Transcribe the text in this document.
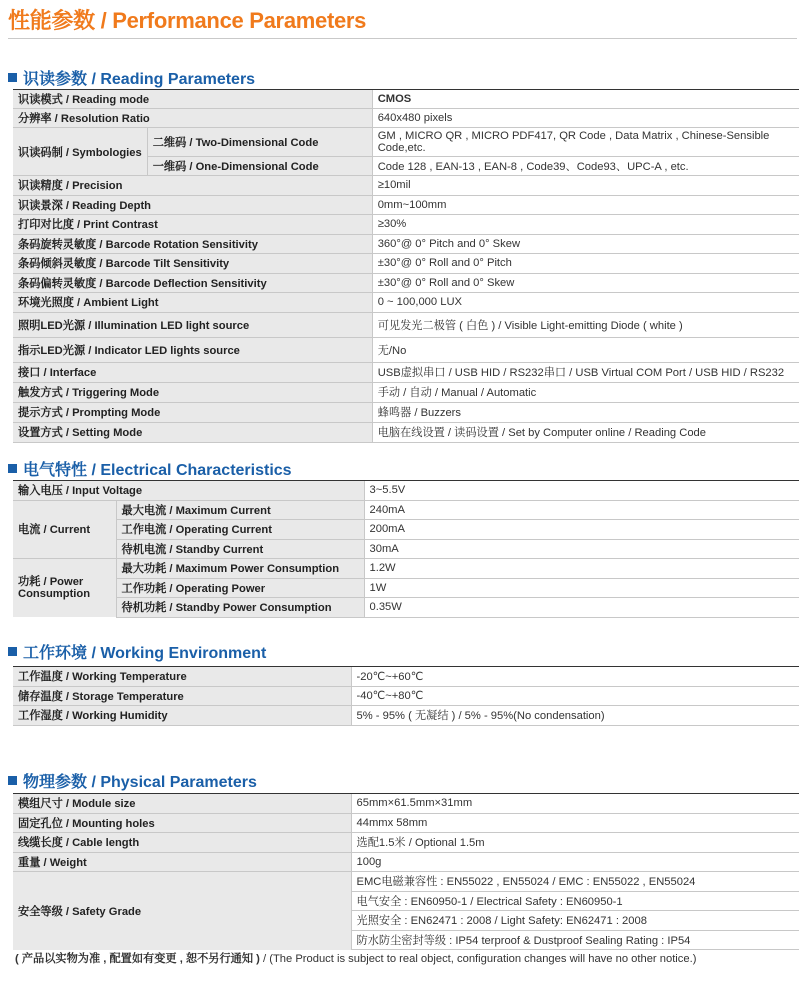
性能参数 / Performance Parameters
识读参数 / Reading Parameters
识读模式 / Reading mode		CMOS
分辨率 / Resolution Ratio		640x480 pixels
识读码制 / Symbologies	二维码 / Two-Dimensional Code	GM , MICRO QR , MICRO PDF417, QR Code , Data Matrix , Chinese-Sensible Code,etc.
	一维码 / One-Dimensional Code	Code 128 , EAN-13 , EAN-8 , Code39、Code93、UPC-A , etc.
识读精度 / Precision		≥10mil
识读景深 / Reading Depth		0mm~100mm
打印对比度 / Print Contrast		≥30%
条码旋转灵敏度 / Barcode Rotation Sensitivity		360°@ 0° Pitch and 0° Skew
条码倾斜灵敏度 / Barcode Tilt Sensitivity		±30°@ 0° Roll and 0° Pitch
条码偏转灵敏度 / Barcode Deflection Sensitivity		±30°@ 0° Roll and 0° Skew
环境光照度 / Ambient Light		0 ~ 100,000 LUX
照明LED光源 / Illumination LED light source		可见发光二极管 ( 白色 ) / Visible Light-emitting Diode ( white )
指示LED光源 / Indicator LED lights source		无/No
接口 / Interface		USB虚拟串口 / USB HID / RS232串口 / USB Virtual COM Port / USB HID / RS232
触发方式 / Triggering Mode		手动 / 自动 / Manual / Automatic
提示方式 / Prompting Mode		蜂鸣器 / Buzzers
设置方式 / Setting Mode		电脑在线设置 / 读码设置 / Set by Computer online / Reading Code
电气特性 / Electrical Characteristics
输入电压 / Input Voltage		3~5.5V
电流 / Current	最大电流 / Maximum Current	240mA
	工作电流 / Operating Current	200mA
	待机电流 / Standby Current	30mA
功耗 / Power Consumption	最大功耗 / Maximum Power Consumption	1.2W
	工作功耗 / Operating Power	1W
	待机功耗 / Standby Power Consumption	0.35W
工作环境 / Working Environment
工作温度 / Working Temperature	-20℃~+60℃
储存温度 / Storage Temperature	-40℃~+80℃
工作湿度 / Working Humidity	5% - 95% ( 无凝结 ) / 5% - 95%(No condensation)
物理参数 / Physical Parameters
模组尺寸 / Module size	65mm×61.5mm×31mm
固定孔位 / Mounting holes	44mmx 58mm
线缆长度 / Cable length	选配1.5米 / Optional 1.5m
重量 / Weight	100g
安全等级 / Safety Grade	EMC电磁兼容性 : EN55022 , EN55024 / EMC : EN55022 , EN55024
	电气安全 : EN60950-1 / Electrical Safety : EN60950-1
	光照安全 : EN62471 : 2008 / Light Safety: EN62471 : 2008
	防水防尘密封等级 : IP54 terproof & Dustproof Sealing Rating : IP54
( 产品以实物为准 , 配置如有变更 , 恕不另行通知 ) / (The Product is subject to real object, configuration changes will have no other notice.)
